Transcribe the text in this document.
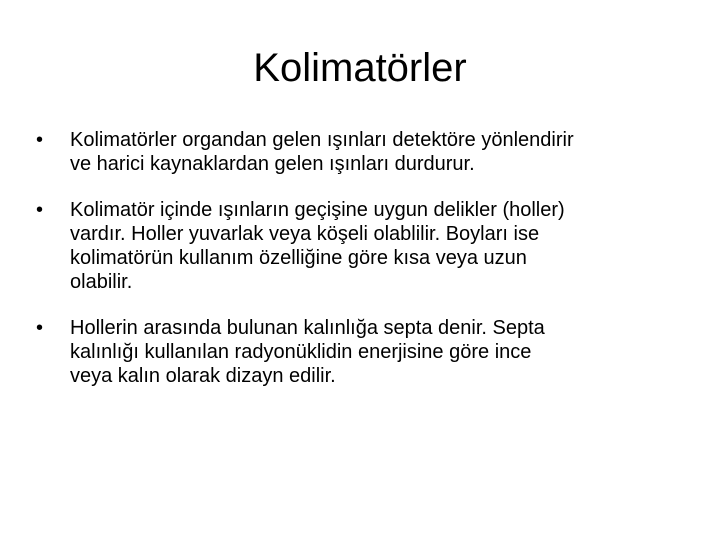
Kolimatörler
•	Kolimatörler organdan gelen ışınları detektöre yönlendirir
ve harici kaynaklardan gelen ışınları durdurur.
•	Kolimatör içinde ışınların geçişine uygun delikler (holler)
vardır. Holler yuvarlak veya köşeli olablilir. Boyları ise
kolimatörün kullanım özelliğine göre kısa veya uzun
olabilir.
•	Hollerin arasında bulunan kalınlığa septa denir. Septa
kalınlığı kullanılan radyonüklidin enerjisine göre ince
veya kalın olarak dizayn edilir.
